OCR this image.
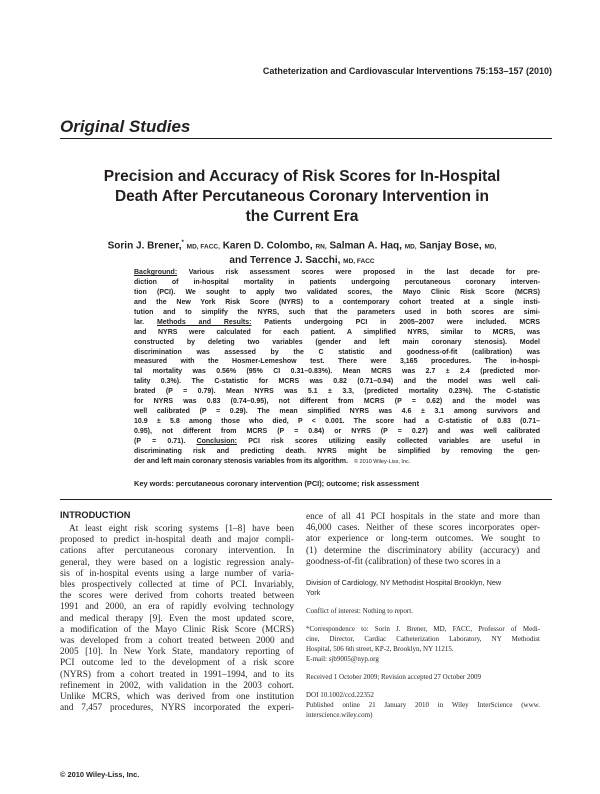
Catheterization and Cardiovascular Interventions 75:153–157 (2010)
Original Studies
Precision and Accuracy of Risk Scores for In-Hospital
Death After Percutaneous Coronary Intervention in
the Current Era
Sorin J. Brener,* MD, FACC, Karen D. Colombo, RN, Salman A. Haq, MD, Sanjay Bose, MD,
and Terrence J. Sacchi, MD, FACC
Background: Various risk assessment scores were proposed in the last decade for pre-
diction of in-hospital mortality in patients undergoing percutaneous coronary interven-
tion (PCI). We sought to apply two validated scores, the Mayo Clinic Risk Score (MCRS)
and the New York Risk Score (NYRS) to a contemporary cohort treated at a single insti-
tution and to simplify the NYRS, such that the parameters used in both scores are simi-
lar. Methods and Results: Patients undergoing PCI in 2005–2007 were included. MCRS
and NYRS were calculated for each patient. A simplified NYRS, similar to MCRS, was
constructed by deleting two variables (gender and left main coronary stenosis). Model
discrimination was assessed by the C statistic and goodness-of-fit (calibration) was
measured with the Hosmer-Lemeshow test. There were 3,165 procedures. The in-hospi-
tal mortality was 0.56% (95% CI 0.31–0.83%). Mean MCRS was 2.7 ± 2.4 (predicted mor-
tality 0.3%). The C-statistic for MCRS was 0.82 (0.71–0.94) and the model was well cali-
brated (P = 0.79). Mean NYRS was 5.1 ± 3.3, (predicted mortality 0.23%). The C-statistic
for NYRS was 0.83 (0.74–0.95), not different from MCRS (P = 0.62) and the model was
well calibrated (P = 0.29). The mean simplified NYRS was 4.6 ± 3.1 among survivors and
10.9 ± 5.8 among those who died, P < 0.001. The score had a C-statistic of 0.83 (0.71–
0.95), not different from MCRS (P = 0.84) or NYRS (P = 0.27) and was well calibrated
(P = 0.71). Conclusion: PCI risk scores utilizing easily collected variables are useful in
discriminating risk and predicting death. NYRS might be simplified by removing the gen-
der and left main coronary stenosis variables from its algorithm. © 2010 Wiley-Liss, Inc.
Key words: percutaneous coronary intervention (PCI); outcome; risk assessment
INTRODUCTION
At least eight risk scoring systems [1–8] have been
proposed to predict in-hospital death and major compli-
cations after percutaneous coronary intervention. In
general, they were based on a logistic regression analy-
sis of in-hospital events using a large number of varia-
bles prospectively collected at time of PCI. Invariably,
the scores were derived from cohorts treated between
1991 and 2000, an era of rapidly evolving technology
and medical therapy [9]. Even the most updated score,
a modification of the Mayo Clinic Risk Score (MCRS)
was developed from a cohort treated between 2000 and
2005 [10]. In New York State, mandatory reporting of
PCI outcome led to the development of a risk score
(NYRS) from a cohort treated in 1991–1994, and to its
refinement in 2002, with validation in the 2003 cohort.
Unlike MCRS, which was derived from one institution
and 7,457 procedures, NYRS incorporated the experi-
ence of all 41 PCI hospitals in the state and more than
46,000 cases. Neither of these scores incorporates oper-
ator experience or long-term outcomes. We sought to
(1) determine the discriminatory ability (accuracy) and
goodness-of-fit (calibration) of these two scores in a

Division of Cardiology, NY Methodist Hospital Brooklyn, New
York

Conflict of interest: Nothing to report.

*Correspondence to: Sorin J. Brener, MD, FACC, Professor of Medi-
cine, Director, Cardiac Catheterization Laboratory, NY Methodist
Hospital, 506 6th street, KP-2, Brooklyn, NY 11215.

E-mail: sjb9005@nyp.org

Received 1 October 2009; Revision accepted 27 October 2009

DOI 10.1002/ccd.22352

Published online 21 January 2010 in Wiley InterScience (www.
interscience.wiley.com)

© 2010 Wiley-Liss, Inc.
